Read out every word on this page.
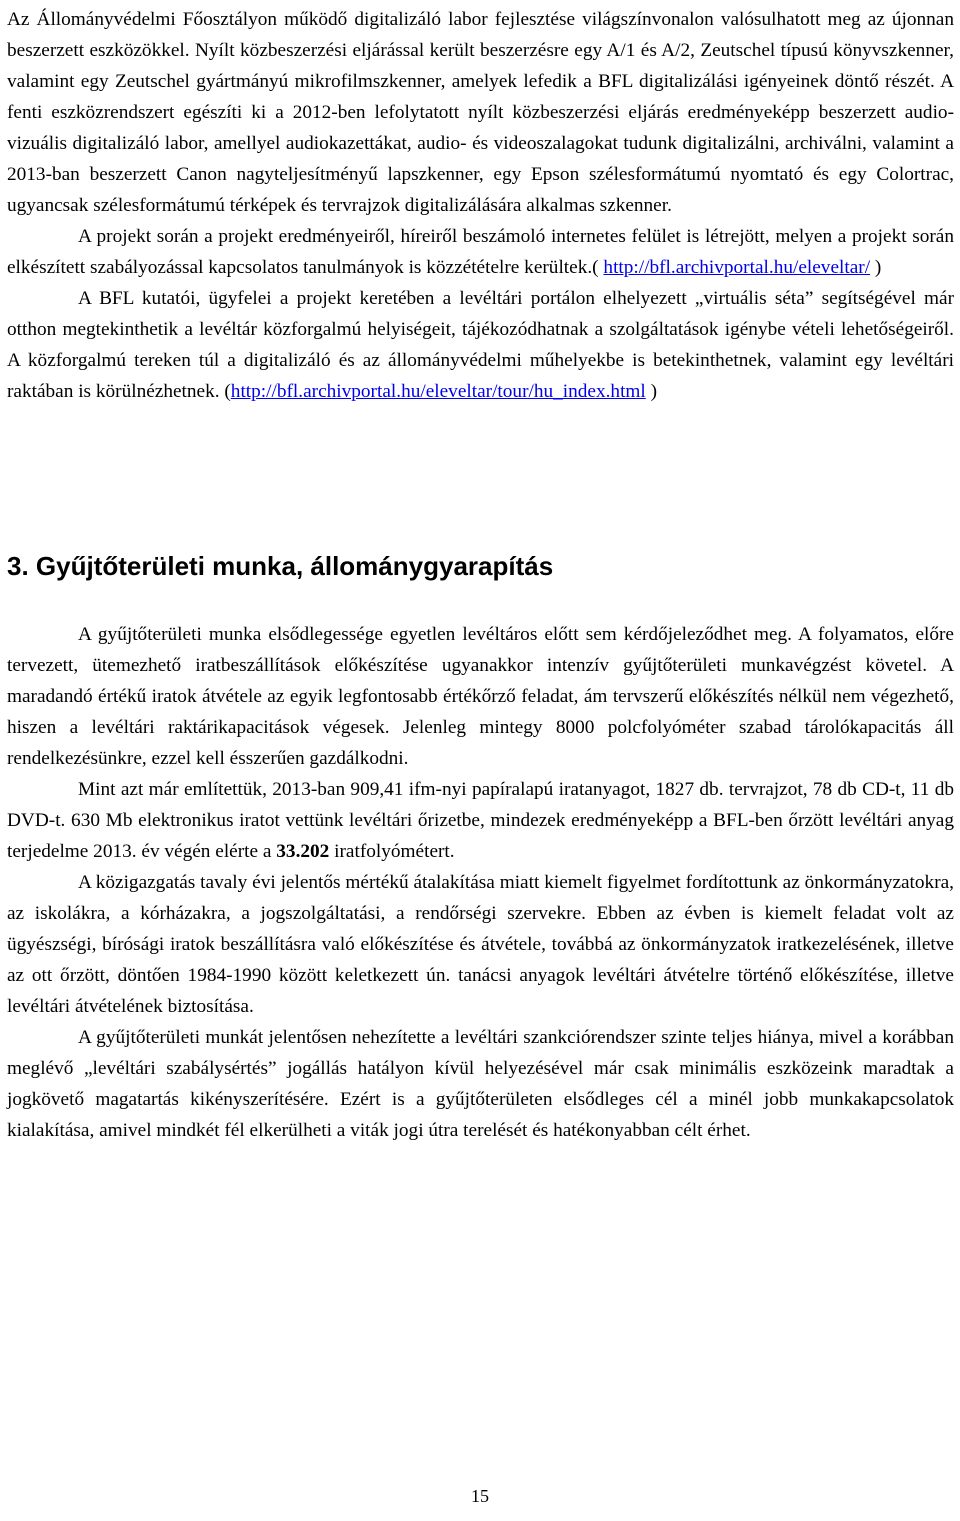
Az Állományvédelmi Főosztályon működő digitalizáló labor fejlesztése világszínvonalon valósulhatott meg az újonnan beszerzett eszközökkel. Nyílt közbeszerzési eljárással került beszerzésre egy A/1 és A/2, Zeutschel típusú könyvszkenner, valamint egy Zeutschel gyártmányú mikrofilmszkenner, amelyek lefedik a BFL digitalizálási igényeinek döntő részét. A fenti eszközrendszert egészíti ki a 2012-ben lefolytatott nyílt közbeszerzési eljárás eredményeképp beszerzett audio-vizuális digitalizáló labor, amellyel audiokazettákat, audio- és videoszalagokat tudunk digitalizálni, archiválni, valamint a 2013-ban beszerzett Canon nagyteljesítményű lapszkenner, egy Epson szélesformátumú nyomtató és egy Colortrac, ugyancsak szélesformátumú térképek és tervrajzok digitalizálására alkalmas szkenner.

A projekt során a projekt eredményeiről, híreiről beszámoló internetes felület is létrejött, melyen a projekt során elkészített szabályozással kapcsolatos tanulmányok is közzétételre kerültek.( http://bfl.archivportal.hu/eleveltar/ )

A BFL kutatói, ügyfelei a projekt keretében a levéltári portálon elhelyezett „virtuális séta” segítségével már otthon megtekinthetik a levéltár közforgalmú helyiségeit, tájékozódhatnak a szolgáltatások igénybe vételi lehetőségeiről. A közforgalmú tereken túl a digitalizáló és az állományvédelmi műhelyekbe is betekinthetnek, valamint egy levéltári raktában is körülnézhetnek. (http://bfl.archivportal.hu/eleveltar/tour/hu_index.html )

3. Gyűjtőterületi munka, állománygyarapítás

A gyűjtőterületi munka elsődlegessége egyetlen levéltáros előtt sem kérdőjeleződhet meg. A folyamatos, előre tervezett, ütemezhető iratbeszállítások előkészítése ugyanakkor intenzív gyűjtőterületi munkavégzést követel. A maradandó értékű iratok átvétele az egyik legfontosabb értékőrző feladat, ám tervszerű előkészítés nélkül nem végezhető, hiszen a levéltári raktárikapacitások végesek. Jelenleg mintegy 8000 polcfolyóméter szabad tárolókapacitás áll rendelkezésünkre, ezzel kell ésszerűen gazdálkodni.

Mint azt már említettük, 2013-ban 909,41 ifm-nyi papíralapú iratanyagot, 1827 db. tervrajzot, 78 db CD-t, 11 db DVD-t. 630 Mb elektronikus iratot vettünk levéltári őrizetbe, mindezek eredményeképp a BFL-ben őrzött levéltári anyag terjedelme 2013. év végén elérte a 33.202 iratfolyómétert.

A közigazgatás tavaly évi jelentős mértékű átalakítása miatt kiemelt figyelmet fordítottunk az önkormányzatokra, az iskolákra, a kórházakra, a jogszolgáltatási, a rendőrségi szervekre. Ebben az évben is kiemelt feladat volt az ügyészségi, bírósági iratok beszállításra való előkészítése és átvétele, továbbá az önkormányzatok iratkezelésének, illetve az ott őrzött, döntően 1984-1990 között keletkezett ún. tanácsi anyagok levéltári átvételre történő előkészítése, illetve levéltári átvételének biztosítása.

A gyűjtőterületi munkát jelentősen nehezítette a levéltári szankciórendszer szinte teljes hiánya, mivel a korábban meglévő „levéltári szabálysértés” jogállás hatályon kívül helyezésével már csak minimális eszközeink maradtak a jogkövető magatartás kikényszerítésére. Ezért is a gyűjtőterületen elsődleges cél a minél jobb munkakapcsolatok kialakítása, amivel mindkét fél elkerülheti a viták jogi útra terelését és hatékonyabban célt érhet.

15
